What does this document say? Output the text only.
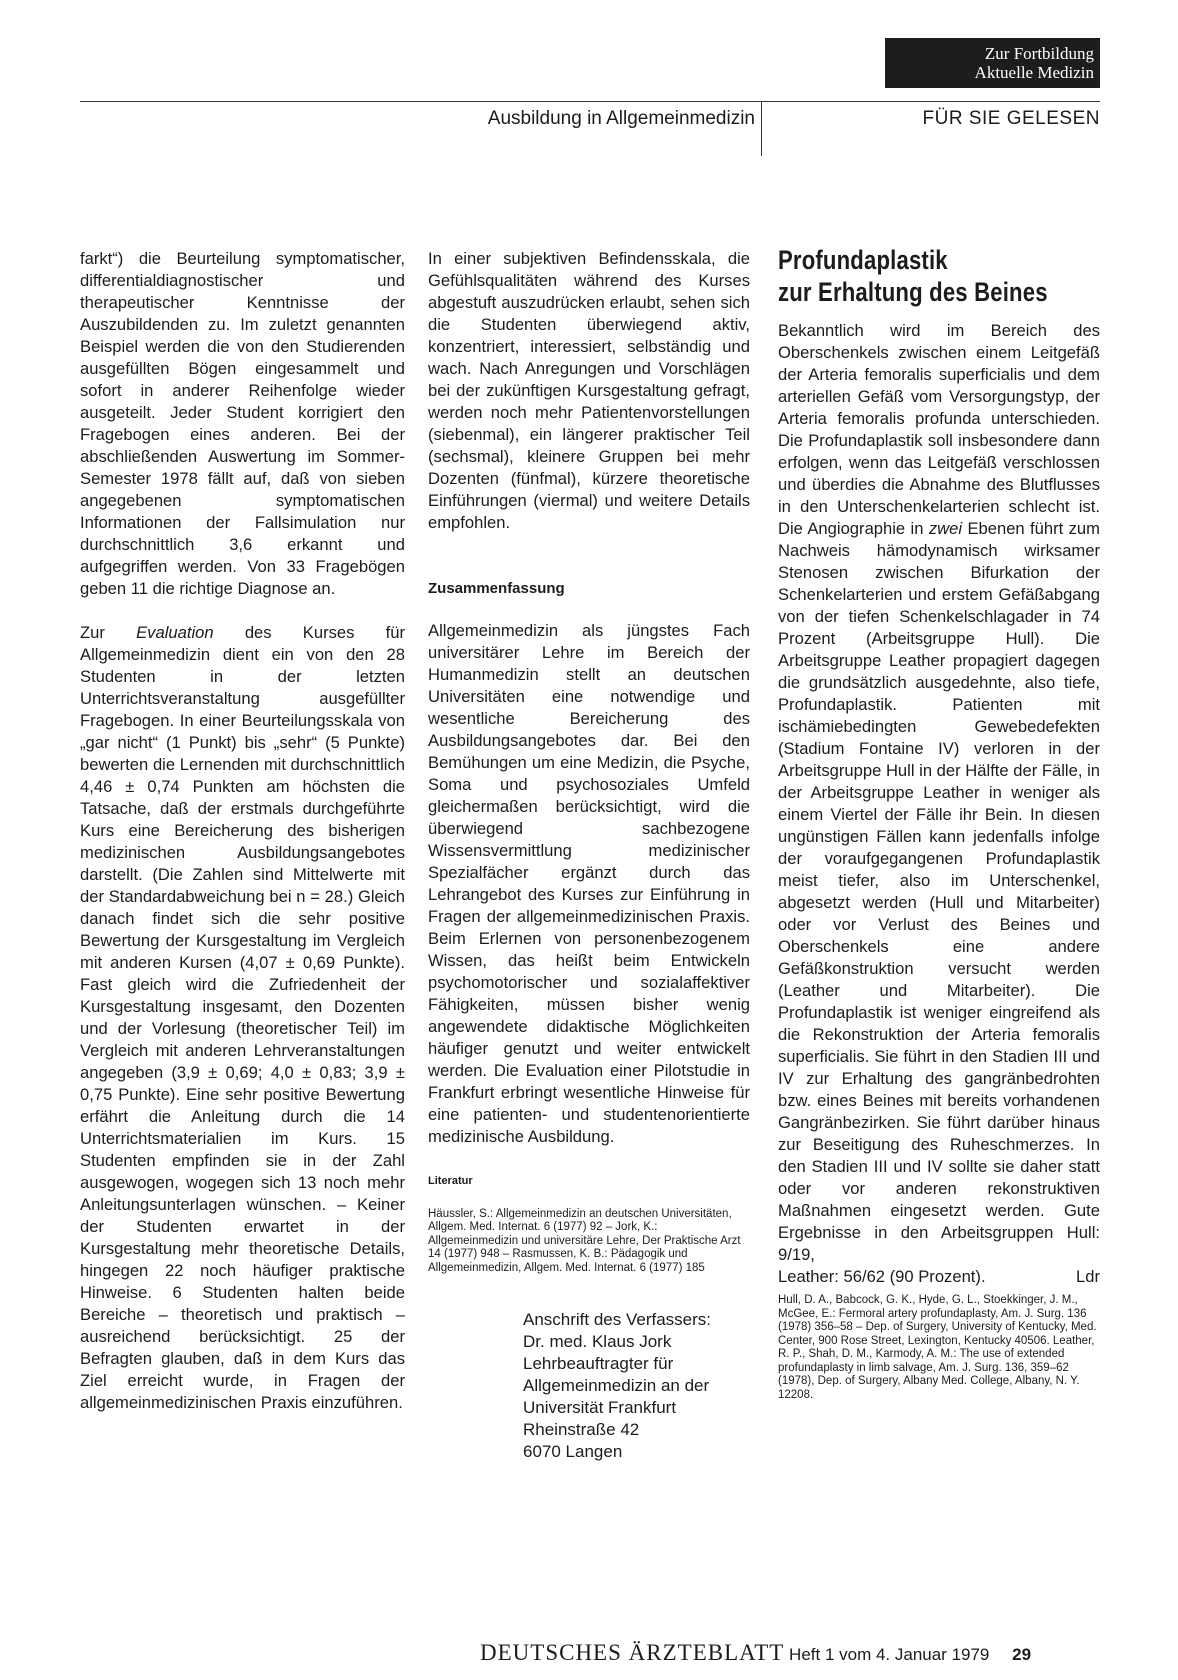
Zur Fortbildung
Aktuelle Medizin
Ausbildung in Allgemeinmedizin	FÜR SIE GELESEN

farkt“) die Beurteilung symptomatischer, differentialdiagnostischer und therapeutischer Kenntnisse der Auszubildenden zu. Im zuletzt genannten Beispiel werden die von den Studierenden ausgefüllten Bögen eingesammelt und sofort in anderer Reihenfolge wieder ausgeteilt. Jeder Student korrigiert den Fragebogen eines anderen. Bei der abschließenden Auswertung im Sommer-Semester 1978 fällt auf, daß von sieben angegebenen symptomatischen Informationen der Fallsimulation nur durchschnittlich 3,6 erkannt und aufgegriffen werden. Von 33 Fragebögen geben 11 die richtige Diagnose an.

Zur Evaluation des Kurses für Allgemeinmedizin dient ein von den 28 Studenten in der letzten Unterrichtsveranstaltung ausgefüllter Fragebogen. In einer Beurteilungsskala von „gar nicht“ (1 Punkt) bis „sehr“ (5 Punkte) bewerten die Lernenden mit durchschnittlich 4,46 ± 0,74 Punkten am höchsten die Tatsache, daß der erstmals durchgeführte Kurs eine Bereicherung des bisherigen medizinischen Ausbildungsangebotes darstellt. (Die Zahlen sind Mittelwerte mit der Standardabweichung bei n = 28.) Gleich danach findet sich die sehr positive Bewertung der Kursgestaltung im Vergleich mit anderen Kursen (4,07 ± 0,69 Punkte). Fast gleich wird die Zufriedenheit der Kursgestaltung insgesamt, den Dozenten und der Vorlesung (theoretischer Teil) im Vergleich mit anderen Lehrveranstaltungen angegeben (3,9 ± 0,69; 4,0 ± 0,83; 3,9 ± 0,75 Punkte). Eine sehr positive Bewertung erfährt die Anleitung durch die 14 Unterrichtsmaterialien im Kurs. 15 Studenten empfinden sie in der Zahl ausgewogen, wogegen sich 13 noch mehr Anleitungsunterlagen wünschen. – Keiner der Studenten erwartet in der Kursgestaltung mehr theoretische Details, hingegen 22 noch häufiger praktische Hinweise. 6 Studenten halten beide Bereiche – theoretisch und praktisch – ausreichend berücksichtigt. 25 der Befragten glauben, daß in dem Kurs das Ziel erreicht wurde, in Fragen der allgemeinmedizinischen Praxis einzuführen.

In einer subjektiven Befindensskala, die Gefühlsqualitäten während des Kurses abgestuft auszudrücken erlaubt, sehen sich die Studenten überwiegend aktiv, konzentriert, interessiert, selbständig und wach. Nach Anregungen und Vorschlägen bei der zukünftigen Kursgestaltung gefragt, werden noch mehr Patientenvorstellungen (siebenmal), ein längerer praktischer Teil (sechsmal), kleinere Gruppen bei mehr Dozenten (fünfmal), kürzere theoretische Einführungen (viermal) und weitere Details empfohlen.

Zusammenfassung

Allgemeinmedizin als jüngstes Fach universitärer Lehre im Bereich der Humanmedizin stellt an deutschen Universitäten eine notwendige und wesentliche Bereicherung des Ausbildungsangebotes dar. Bei den Bemühungen um eine Medizin, die Psyche, Soma und psychosoziales Umfeld gleichermaßen berücksichtigt, wird die überwiegend sachbezogene Wissensvermittlung medizinischer Spezialfächer ergänzt durch das Lehrangebot des Kurses zur Einführung in Fragen der allgemeinmedizinischen Praxis. Beim Erlernen von personenbezogenem Wissen, das heißt beim Entwickeln psychomotorischer und sozialaffektiver Fähigkeiten, müssen bisher wenig angewendete didaktische Möglichkeiten häufiger genutzt und weiter entwickelt werden. Die Evaluation einer Pilotstudie in Frankfurt erbringt wesentliche Hinweise für eine patienten- und studentenorientierte medizinische Ausbildung.

Literatur

Häussler, S.: Allgemeinmedizin an deutschen Universitäten, Allgem. Med. Internat. 6 (1977) 92 – Jork, K.: Allgemeinmedizin und universitäre Lehre, Der Praktische Arzt 14 (1977) 948 – Rasmussen, K. B.: Pädagogik und Allgemeinmedizin, Allgem. Med. Internat. 6 (1977) 185

Anschrift des Verfassers:
Dr. med. Klaus Jork
Lehrbeauftragter für
Allgemeinmedizin an der
Universität Frankfurt
Rheinstraße 42
6070 Langen
Profundaplastik
zur Erhaltung des Beines

Bekanntlich wird im Bereich des Oberschenkels zwischen einem Leitgefäß der Arteria femoralis superficialis und dem arteriellen Gefäß vom Versorgungstyp, der Arteria femoralis profunda unterschieden. Die Profundaplastik soll insbesondere dann erfolgen, wenn das Leitgefäß verschlossen und überdies die Abnahme des Blutflusses in den Unterschenkelarterien schlecht ist. Die Angiographie in zwei Ebenen führt zum Nachweis hämodynamisch wirksamer Stenosen zwischen Bifurkation der Schenkelarterien und erstem Gefäßabgang von der tiefen Schenkelschlagader in 74 Prozent (Arbeitsgruppe Hull). Die Arbeitsgruppe Leather propagiert dagegen die grundsätzlich ausgedehnte, also tiefe, Profundaplastik. Patienten mit ischämiebedingten Gewebedefekten (Stadium Fontaine IV) verloren in der Arbeitsgruppe Hull in der Hälfte der Fälle, in der Arbeitsgruppe Leather in weniger als einem Viertel der Fälle ihr Bein. In diesen ungünstigen Fällen kann jedenfalls infolge der voraufgegangenen Profundaplastik meist tiefer, also im Unterschenkel, abgesetzt werden (Hull und Mitarbeiter) oder vor Verlust des Beines und Oberschenkels eine andere Gefäßkonstruktion versucht werden (Leather und Mitarbeiter). Die Profundaplastik ist weniger eingreifend als die Rekonstruktion der Arteria femoralis superficialis. Sie führt in den Stadien III und IV zur Erhaltung des gangränbedrohten bzw. eines Beines mit bereits vorhandenen Gangränbezirken. Sie führt darüber hinaus zur Beseitigung des Ruheschmerzes. In den Stadien III und IV sollte sie daher statt oder vor anderen rekonstruktiven Maßnahmen eingesetzt werden. Gute Ergebnisse in den Arbeitsgruppen Hull: 9/19,

Leather: 56/62 (90 Prozent).	Ldr

Hull, D. A., Babcock, G. K., Hyde, G. L., Stoekkinger, J. M., McGee, E.: Fermoral artery profundaplasty, Am. J. Surg. 136 (1978) 356–58 – Dep. of Surgery, University of Kentucky, Med. Center, 900 Rose Street, Lexington, Kentucky 40506. Leather, R. P., Shah, D. M., Karmody, A. M.: The use of extended profundaplasty in limb salvage, Am. J. Surg. 136, 359–62 (1978), Dep. of Surgery, Albany Med. College, Albany, N. Y. 12208.

DEUTSCHES ÄRZTEBLATT Heft 1 vom 4. Januar 1979 29
